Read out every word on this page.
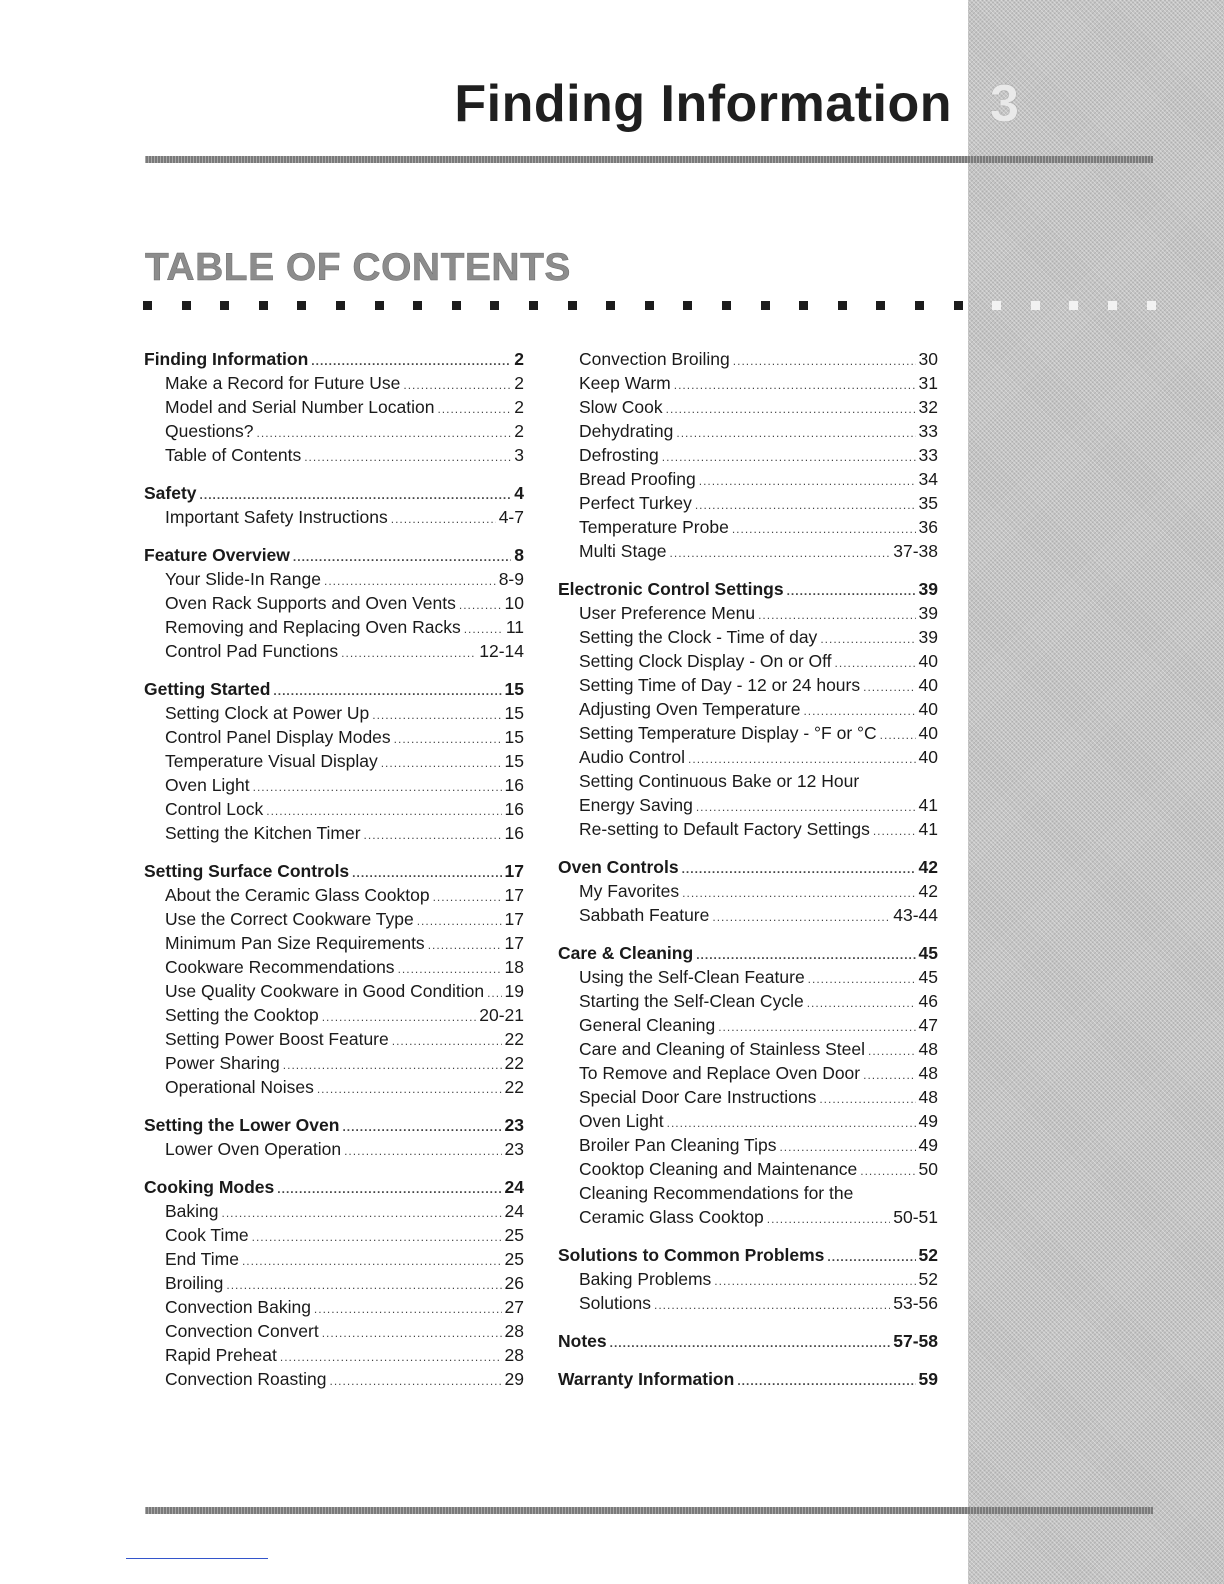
Finding Information 3
TABLE OF CONTENTS
Finding Information .....	2
Make a Record for Future Use .....	2
Model and Serial Number Location .....	2
Questions? .....	2
Table of Contents .....	3
Safety .....	4
Important Safety Instructions .....	4-7
Feature Overview .....	8
Your Slide-In Range .....	8-9
Oven Rack Supports and Oven Vents .....	10
Removing and Replacing Oven Racks .....	11
Control Pad Functions .....	12-14
Getting Started .....	15
Setting Clock at Power Up .....	15
Control Panel Display Modes .....	15
Temperature Visual Display .....	15
Oven Light .....	16
Control Lock .....	16
Setting the Kitchen Timer .....	16
Setting Surface Controls .....	17
About the Ceramic Glass Cooktop .....	17
Use the Correct Cookware Type .....	17
Minimum Pan Size Requirements .....	17
Cookware Recommendations .....	18
Use Quality Cookware in Good Condition ..... 19
Setting the Cooktop .....	20-21
Setting Power Boost Feature .....	22
Power Sharing .....	22
Operational Noises .....	22
Setting the Lower Oven .....	23
Lower Oven Operation .....	23
Cooking Modes .....	24
Baking .....	24
Cook Time .....	25
End Time .....	25
Broiling .....	26
Convection Baking .....	27
Convection Convert .....	28
Rapid Preheat .....	28
Convection Roasting .....	29
Convection Broiling .....	30
Keep Warm .....	31
Slow Cook .....	32
Dehydrating .....	33
Defrosting .....	33
Bread Proofing .....	34
Perfect Turkey .....	35
Temperature Probe .....	36
Multi Stage .....	37-38
Electronic Control Settings .....	39
User Preference Menu .....	39
Setting the Clock - Time of day .....	39
Setting Clock Display - On or Off .....	40
Setting Time of Day - 12 or 24 hours .....	40
Adjusting Oven Temperature .....	40
Setting Temperature Display - °F or °C ..... 40
Audio Control .....	40
Setting Continuous Bake or 12 Hour
Energy Saving .....	41
Re-setting to Default Factory Settings .....	41
Oven Controls .....	42
My Favorites .....	42
Sabbath Feature .....	43-44
Care & Cleaning .....	45
Using the Self-Clean Feature .....	45
Starting the Self-Clean Cycle .....	46
General Cleaning .....	47
Care and Cleaning of Stainless Steel .....	48
To Remove and Replace Oven Door .....	48
Special Door Care Instructions .....	48
Oven Light .....	49
Broiler Pan Cleaning Tips .....	49
Cooktop Cleaning and Maintenance .....	50
Cleaning Recommendations for the
Ceramic Glass Cooktop .....	50-51
Solutions to Common Problems .....	52
Baking Problems .....	52
Solutions .....	53-56
Notes .....	57-58
Warranty Information .....	59
